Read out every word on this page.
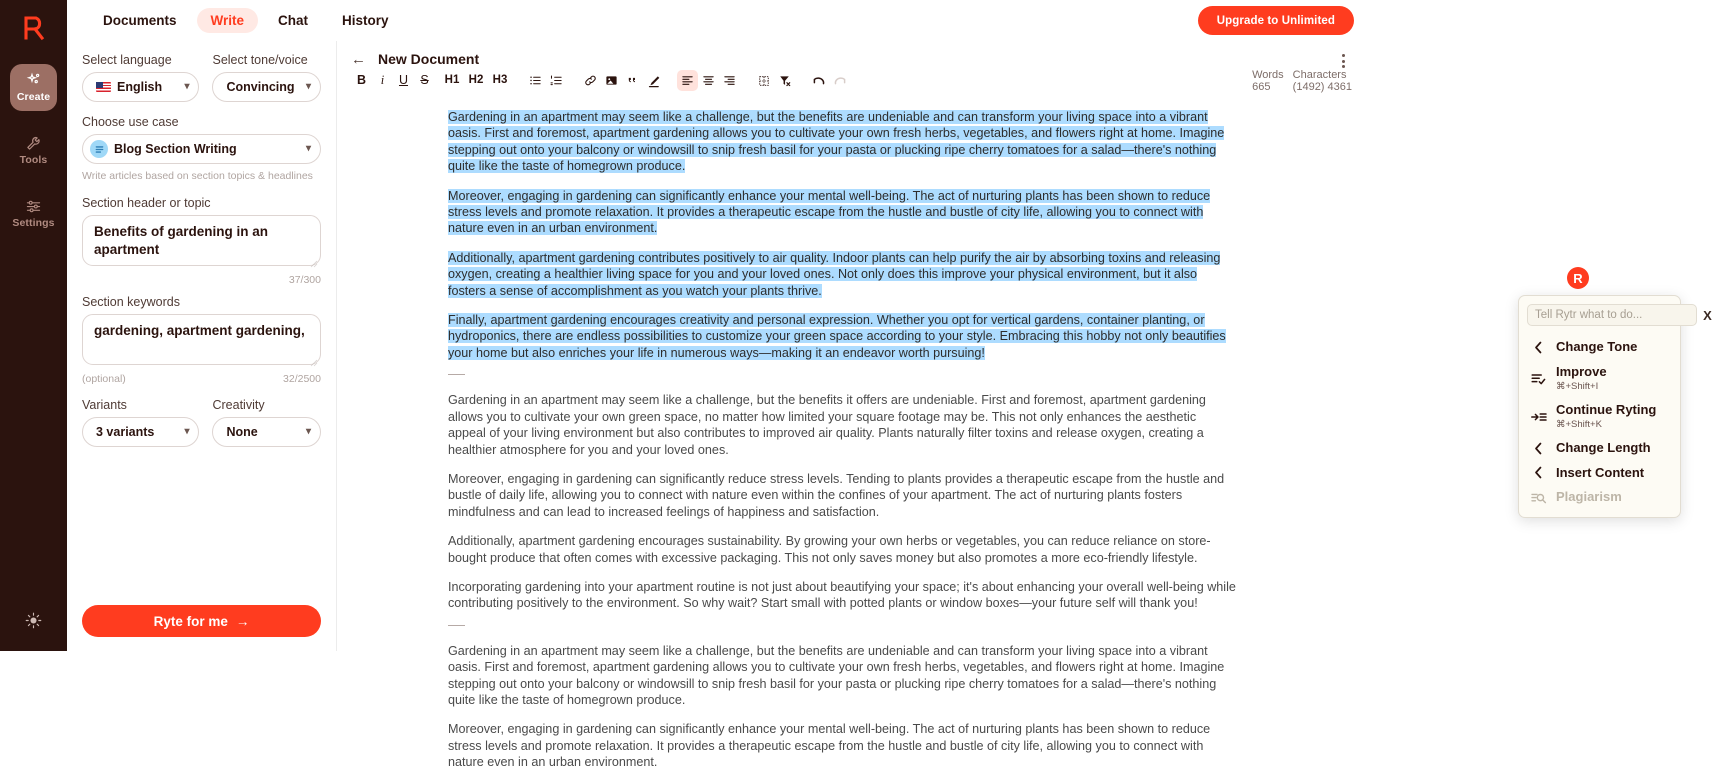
Create
Tools
Settings
Documents	Write	Chat	History	Upgrade to Unlimited
Select language
English	▾
Select tone/voice
Convincing	▾
Choose use case
Blog Section Writing	▾
Write articles based on section topics & headlines
Section header or topic
Benefits of gardening in an apartment
37/300
Section keywords
gardening, apartment gardening,
(optional)	32/2500
Variants
3 variants	▾
Creativity
None	▾
Ryte for me →
← New Document
B	i	U S	H1 H2 H3	Words
665
Characters
(1492) 4361
Gardening in an apartment may seem like a challenge, but the benefits are undeniable and can transform your living space into a vibrant oasis. First and foremost, apartment gardening allows you to cultivate your own fresh herbs, vegetables, and flowers right at home. Imagine stepping out onto your balcony or windowsill to snip fresh basil for your pasta or plucking ripe cherry tomatoes for a salad—there's nothing quite like the taste of homegrown produce.
Moreover, engaging in gardening can significantly enhance your mental well-being. The act of nurturing plants has been shown to reduce stress levels and promote relaxation. It provides a therapeutic escape from the hustle and bustle of city life, allowing you to connect with nature even in an urban environment.
Additionally, apartment gardening contributes positively to air quality. Indoor plants can help purify the air by absorbing toxins and releasing oxygen, creating a healthier living space for you and your loved ones. Not only does this improve your physical environment, but it also fosters a sense of accomplishment as you watch your plants thrive.
Finally, apartment gardening encourages creativity and personal expression. Whether you opt for vertical gardens, container planting, or hydroponics, there are endless possibilities to customize your green space according to your style. Embracing this hobby not only beautifies your home but also enriches your life in numerous ways—making it an endeavor worth pursuing!
Gardening in an apartment may seem like a challenge, but the benefits it offers are undeniable. First and foremost, apartment gardening allows you to cultivate your own green space, no matter how limited your square footage may be. This not only enhances the aesthetic appeal of your living environment but also contributes to improved air quality. Plants naturally filter toxins and release oxygen, creating a healthier atmosphere for you and your loved ones.
Moreover, engaging in gardening can significantly reduce stress levels. Tending to plants provides a therapeutic escape from the hustle and bustle of daily life, allowing you to connect with nature even within the confines of your apartment. The act of nurturing plants fosters mindfulness and can lead to increased feelings of happiness and satisfaction.
Additionally, apartment gardening encourages sustainability. By growing your own herbs or vegetables, you can reduce reliance on store-bought produce that often comes with excessive packaging. This not only saves money but also promotes a more eco-friendly lifestyle.
Incorporating gardening into your apartment routine is not just about beautifying your space; it's about enhancing your overall well-being while contributing positively to the environment. So why wait? Start small with potted plants or window boxes—your future self will thank you!
Gardening in an apartment may seem like a challenge, but the benefits are undeniable and can transform your living space into a vibrant oasis. First and foremost, apartment gardening allows you to cultivate your own fresh herbs, vegetables, and flowers right at home. Imagine stepping out onto your balcony or windowsill to snip fresh basil for your pasta or plucking ripe cherry tomatoes for a salad—there's nothing quite like the taste of homegrown produce.
Moreover, engaging in gardening can significantly enhance your mental well-being. The act of nurturing plants has been shown to reduce stress levels and promote relaxation. It provides a therapeutic escape from the hustle and bustle of city life, allowing you to connect with nature even in an urban environment.
R
Tell Rytr what to do...
X
Change Tone
Improve
⌘+Shift+I
Continue Ryting
⌘+Shift+K
Change Length
Insert Content
Plagiarism
